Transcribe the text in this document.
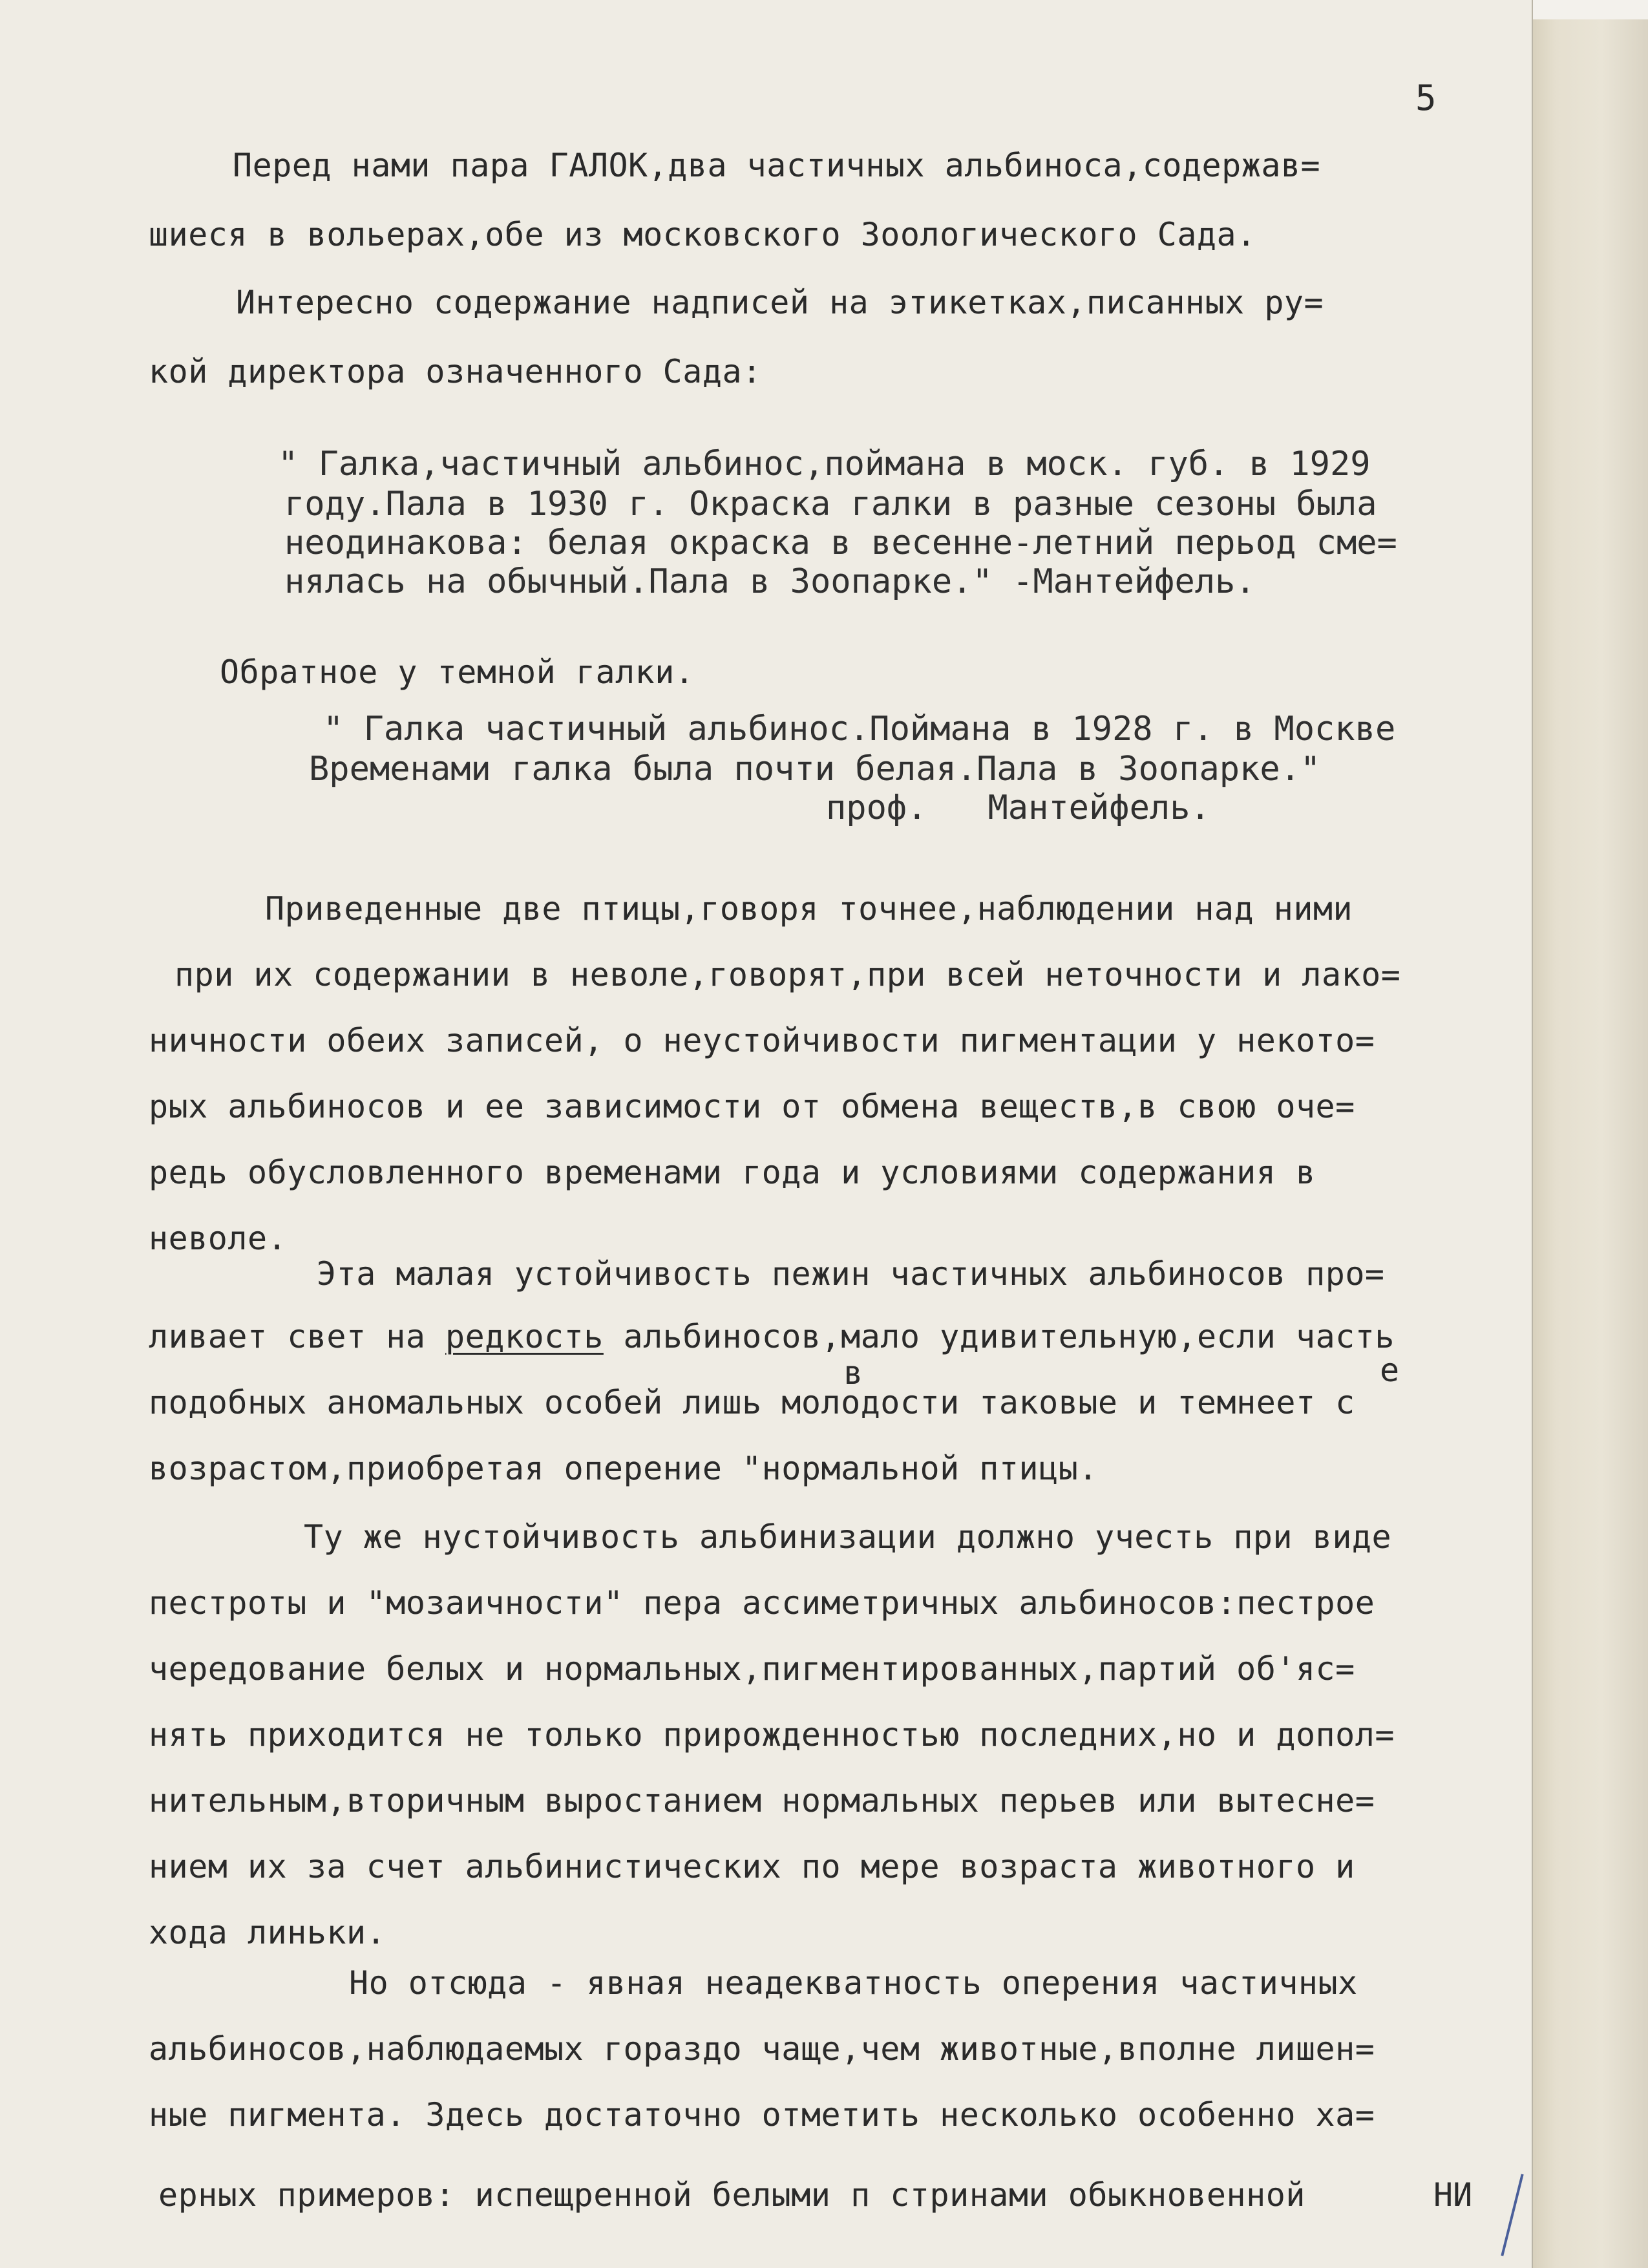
5
Перед нами пара ГАЛОК,два частичных альбиноса,содержав=
шиеся в вольерах,обе из московского Зоологического Сада.
Интересно содержание надписей на этикетках,писанных ру=
кой директора означенного Сада:
" Галка,частичный альбинос,поймана в моск. губ. в 1929
году.Пала в 1930 г. Окраска галки в разные сезоны была
неодинакова: белая окраска в весенне-летний перьод сме=
нялась на обычный.Пала в Зоопарке." -Мантейфель.
Обратное у темной галки.
" Галка частичный альбинос.Поймана в 1928 г. в Москве
Временами галка была почти белая.Пала в Зоопарке."
проф.   Мантейфель.
Приведенные две птицы,говоря точнее,наблюдении над ними
при их содержании в неволе,говорят,при всей неточности и лако=
ничности обеих записей, о неустойчивости пигментации у некото=
рых альбиносов и ее зависимости от обмена веществ,в свою оче=
редь обусловленного временами года и условиями содержания в
неволе.
Эта малая устойчивость пежин частичных альбиносов про=
ливает свет на редкость альбиносов,мало удивительную,если часть
в	е
подобных аномальных особей лишь молодости таковые и темнеет с
возрастом,приобретая оперение "нормальной птицы.
Ту же нустойчивость альбинизации должно учесть при виде
пестроты и "мозаичности" пера ассиметричных альбиносов:пестрое
чередование белых и нормальных,пигментированных,партий об'яс=
нять приходится не только прирожденностью последних,но и допол=
нительным,вторичным выростанием нормальных перьев или вытесне=
нием их за счет альбинистических по мере возраста животного и
хода линьки.
Но отсюда - явная неадекватность оперения частичных
альбиносов,наблюдаемых гораздо чаще,чем животные,вполне лишен=
ные пигмента. Здесь достаточно отметить несколько особенно ха=
ерных примеров: испещренной белыми п стринами обыкновенной	НИ
